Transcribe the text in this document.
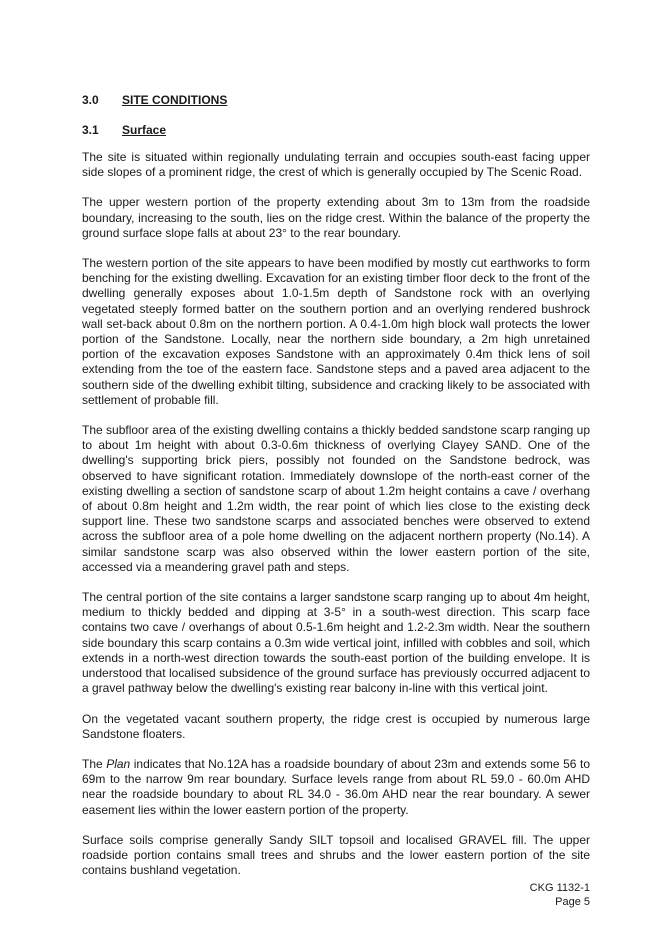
3.0 SITE CONDITIONS
3.1 Surface

The site is situated within regionally undulating terrain and occupies south-east facing upper side slopes of a prominent ridge, the crest of which is generally occupied by The Scenic Road.

The upper western portion of the property extending about 3m to 13m from the roadside boundary, increasing to the south, lies on the ridge crest. Within the balance of the property the ground surface slope falls at about 23° to the rear boundary.

The western portion of the site appears to have been modified by mostly cut earthworks to form benching for the existing dwelling. Excavation for an existing timber floor deck to the front of the dwelling generally exposes about 1.0-1.5m depth of Sandstone rock with an overlying vegetated steeply formed batter on the southern portion and an overlying rendered bushrock wall set-back about 0.8m on the northern portion. A 0.4-1.0m high block wall protects the lower portion of the Sandstone. Locally, near the northern side boundary, a 2m high unretained portion of the excavation exposes Sandstone with an approximately 0.4m thick lens of soil extending from the toe of the eastern face. Sandstone steps and a paved area adjacent to the southern side of the dwelling exhibit tilting, subsidence and cracking likely to be associated with settlement of probable fill.

The subfloor area of the existing dwelling contains a thickly bedded sandstone scarp ranging up to about 1m height with about 0.3-0.6m thickness of overlying Clayey SAND. One of the dwelling's supporting brick piers, possibly not founded on the Sandstone bedrock, was observed to have significant rotation. Immediately downslope of the north-east corner of the existing dwelling a section of sandstone scarp of about 1.2m height contains a cave / overhang of about 0.8m height and 1.2m width, the rear point of which lies close to the existing deck support line. These two sandstone scarps and associated benches were observed to extend across the subfloor area of a pole home dwelling on the adjacent northern property (No.14). A similar sandstone scarp was also observed within the lower eastern portion of the site, accessed via a meandering gravel path and steps.

The central portion of the site contains a larger sandstone scarp ranging up to about 4m height, medium to thickly bedded and dipping at 3-5° in a south-west direction. This scarp face contains two cave / overhangs of about 0.5-1.6m height and 1.2-2.3m width. Near the southern side boundary this scarp contains a 0.3m wide vertical joint, infilled with cobbles and soil, which extends in a north-west direction towards the south-east portion of the building envelope. It is understood that localised subsidence of the ground surface has previously occurred adjacent to a gravel pathway below the dwelling's existing rear balcony in-line with this vertical joint.

On the vegetated vacant southern property, the ridge crest is occupied by numerous large Sandstone floaters.

The Plan indicates that No.12A has a roadside boundary of about 23m and extends some 56 to 69m to the narrow 9m rear boundary. Surface levels range from about RL 59.0 - 60.0m AHD near the roadside boundary to about RL 34.0 - 36.0m AHD near the rear boundary. A sewer easement lies within the lower eastern portion of the property.

Surface soils comprise generally Sandy SILT topsoil and localised GRAVEL fill. The upper roadside portion contains small trees and shrubs and the lower eastern portion of the site contains bushland vegetation.

CKG 1132-1
Page 5
